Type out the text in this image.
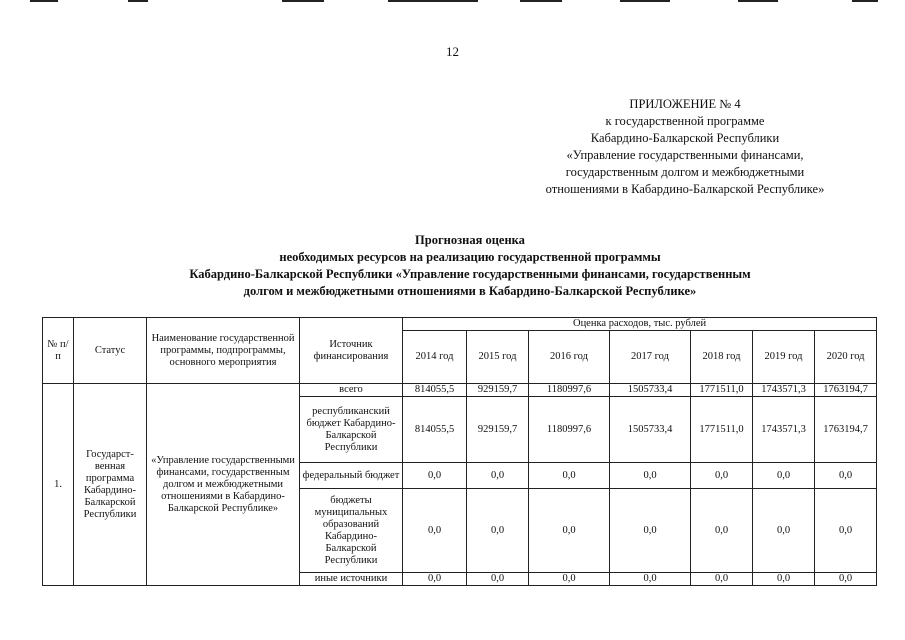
12
ПРИЛОЖЕНИЕ № 4
к государственной программе
Кабардино-Балкарской Республики
«Управление государственными финансами,
государственным долгом и межбюджетными
отношениями в Кабардино-Балкарской Республике»
Прогнозная оценка
необходимых ресурсов на реализацию государственной программы
Кабардино-Балкарской Республики «Управление государственными финансами, государственным
долгом и межбюджетными отношениями в Кабардино-Балкарской Республике»
№ п/п	Статус	Наименование государственной программы, подпрограммы, основного мероприятия	Источник финансирования	Оценка расходов, тыс. рублей						
				2014 год	2015 год	2016 год	2017 год	2018 год	2019 год	2020 год
1.	Государст-венная программа Кабардино-Балкарской Республики	«Управление государственными финансами, государственным долгом и межбюджетными отношениями в Кабардино-Балкарской Республике»	всего	814055,5	929159,7	1180997,6	1505733,4	1771511,0	1743571,3	1763194,7
			республиканский бюджет Кабардино-Балкарской Республики	814055,5	929159,7	1180997,6	1505733,4	1771511,0	1743571,3	1763194,7
			федеральный бюджет	0,0	0,0	0,0	0,0	0,0	0,0	0,0
			бюджеты муниципальных образований Кабардино-Балкарской Республики	0,0	0,0	0,0	0,0	0,0	0,0	0,0
			иные источники	0,0	0,0	0,0	0,0	0,0	0,0	0,0
